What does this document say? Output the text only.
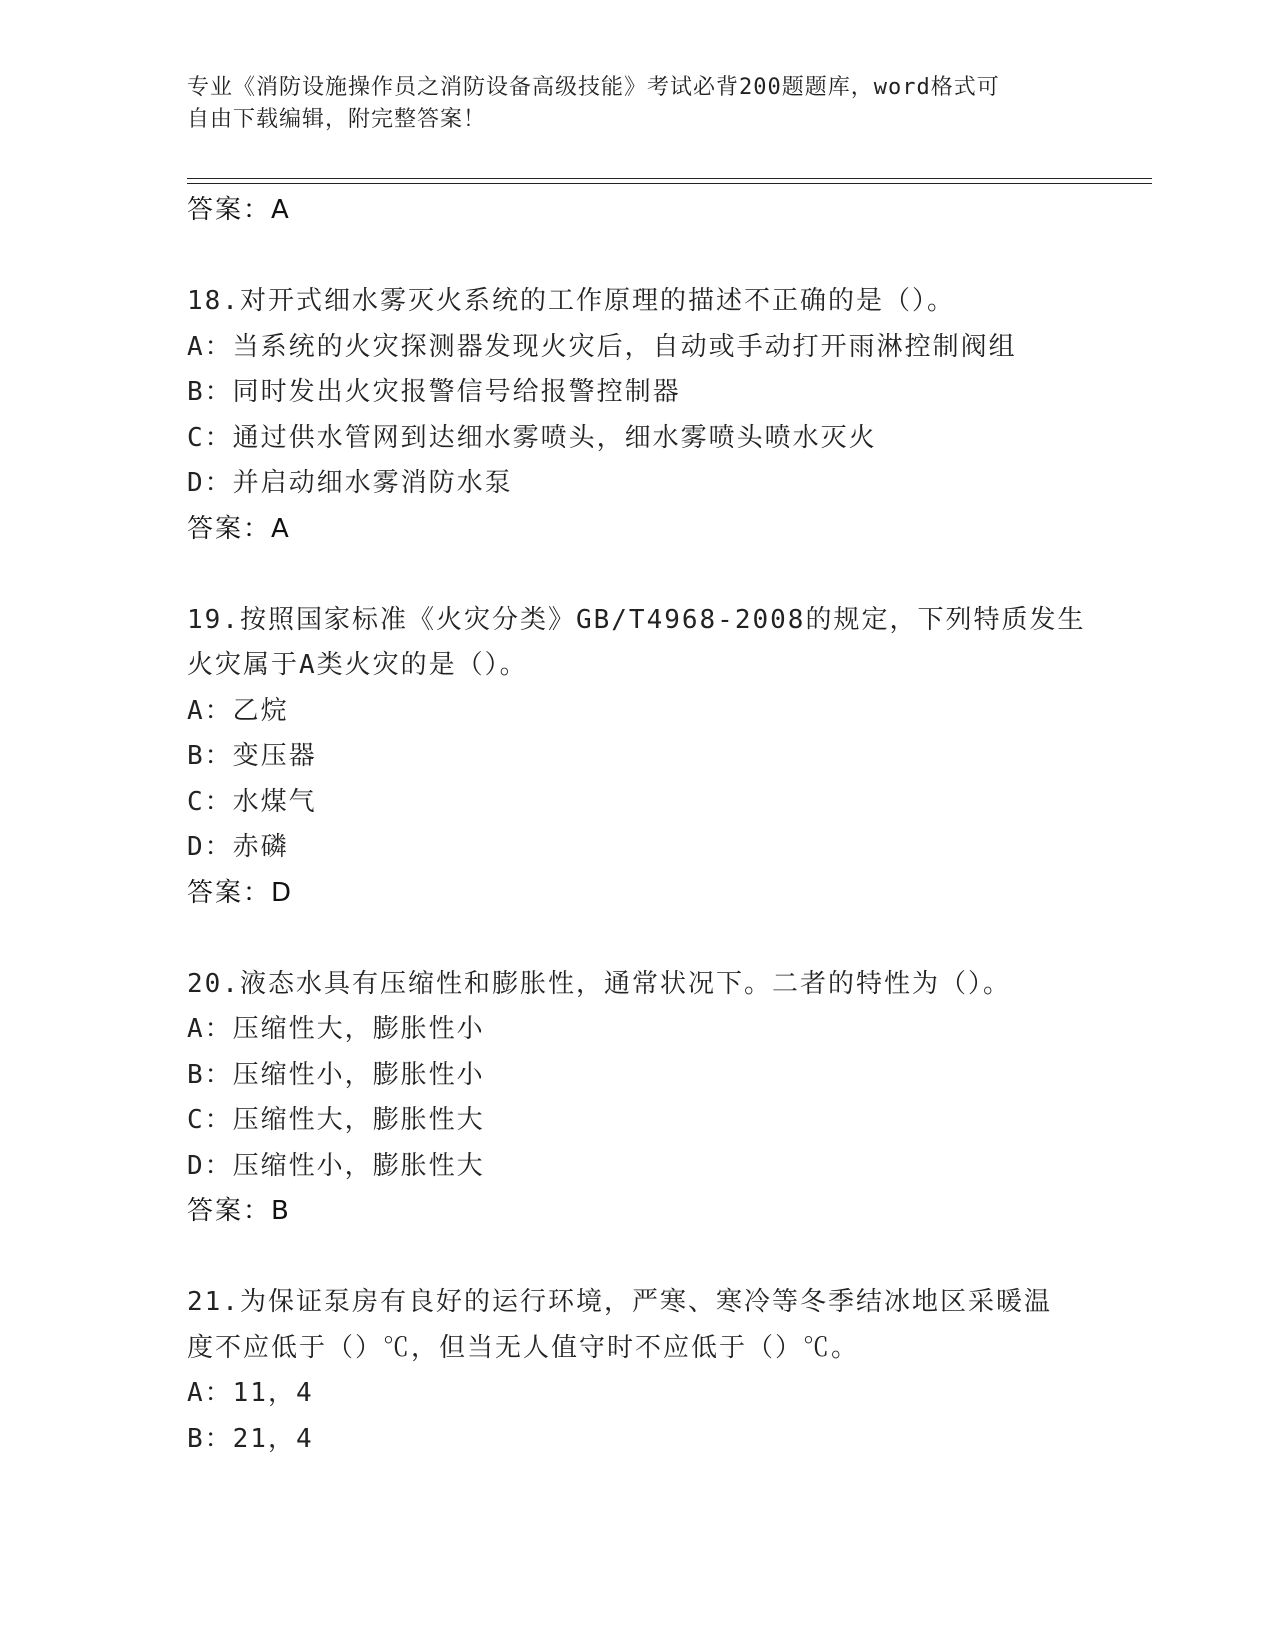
专业《消防设施操作员之消防设备高级技能》考试必背200题题库，word格式可
自由下载编辑，附完整答案！
答案：A
18.对开式细水雾灭火系统的工作原理的描述不正确的是（）。
A：当系统的火灾探测器发现火灾后，自动或手动打开雨淋控制阀组
B：同时发出火灾报警信号给报警控制器
C：通过供水管网到达细水雾喷头，细水雾喷头喷水灭火
D：并启动细水雾消防水泵
答案：A
19.按照国家标准《火灾分类》GB/T4968-2008的规定，下列特质发生
火灾属于A类火灾的是（）。
A：乙烷
B：变压器
C：水煤气
D：赤磷
答案：D
20.液态水具有压缩性和膨胀性，通常状况下。二者的特性为（）。
A：压缩性大，膨胀性小
B：压缩性小，膨胀性小
C：压缩性大，膨胀性大
D：压缩性小，膨胀性大
答案：B
21.为保证泵房有良好的运行环境，严寒、寒冷等冬季结冰地区采暖温
度不应低于（）℃，但当无人值守时不应低于（）℃。
A：11，4
B：21，4
